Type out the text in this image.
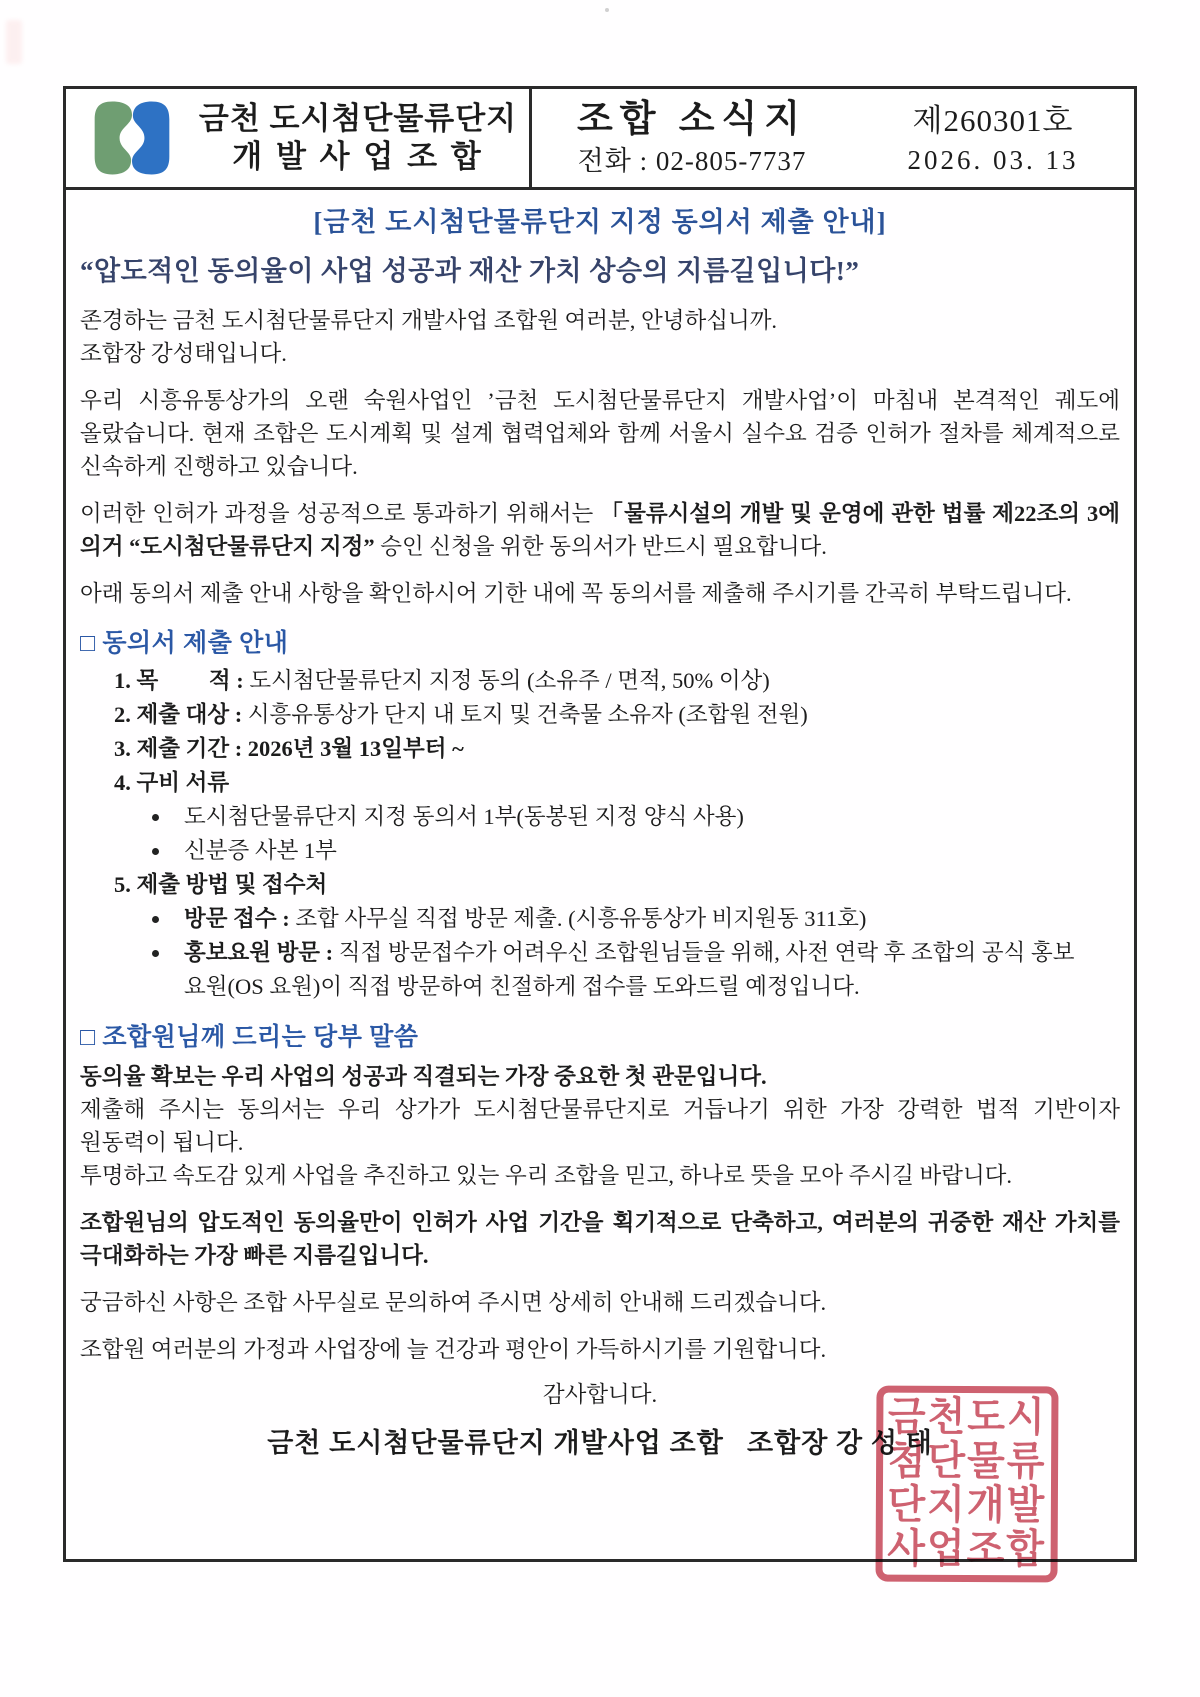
금천 도시첨단물류단지
개 발 사 업 조 합
조합 소식지
전화 : 02-805-7737
제260301호
2026. 03. 13
[금천 도시첨단물류단지 지정 동의서 제출 안내]
“압도적인 동의율이 사업 성공과 재산 가치 상승의 지름길입니다!”

존경하는 금천 도시첨단물류단지 개발사업 조합원 여러분, 안녕하십니까.
조합장 강성태입니다.

우리 시흥유통상가의 오랜 숙원사업인 ’금천 도시첨단물류단지 개발사업’이 마침내 본격적인 궤도에 올랐습니다. 현재 조합은 도시계획 및 설계 협력업체와 함께 서울시 실수요 검증 인허가 절차를 체계적으로 신속하게 진행하고 있습니다.

이러한 인허가 과정을 성공적으로 통과하기 위해서는 「물류시설의 개발 및 운영에 관한 법률 제22조의 3에 의거 “도시첨단물류단지 지정” 승인 신청을 위한 동의서가 반드시 필요합니다.

아래 동의서 제출 안내 사항을 확인하시어 기한 내에 꼭 동의서를 제출해 주시기를 간곡히 부탁드립니다.

□ 동의서 제출 안내
1. 목　　 적 : 도시첨단물류단지 지정 동의 (소유주 / 면적, 50% 이상)
2. 제출 대상 : 시흥유통상가 단지 내 토지 및 건축물 소유자 (조합원 전원)
3. 제출 기간 : 2026년 3월 13일부터 ~
4. 구비 서류
도시첨단물류단지 지정 동의서 1부(동봉된 지정 양식 사용)
신분증 사본 1부
5. 제출 방법 및 접수처
방문 접수 : 조합 사무실 직접 방문 제출. (시흥유통상가 비지원동 311호)
홍보요원 방문 : 직접 방문접수가 어려우신 조합원님들을 위해, 사전 연락 후 조합의 공식 홍보 요원(OS 요원)이 직접 방문하여 친절하게 접수를 도와드릴 예정입니다.
□ 조합원님께 드리는 당부 말씀
동의율 확보는 우리 사업의 성공과 직결되는 가장 중요한 첫 관문입니다.
제출해 주시는 동의서는 우리 상가가 도시첨단물류단지로 거듭나기 위한 가장 강력한 법적 기반이자 원동력이 됩니다.
투명하고 속도감 있게 사업을 추진하고 있는 우리 조합을 믿고, 하나로 뜻을 모아 주시길 바랍니다.

조합원님의 압도적인 동의율만이 인허가 사업 기간을 획기적으로 단축하고, 여러분의 귀중한 재산 가치를 극대화하는 가장 빠른 지름길입니다.

궁금하신 사항은 조합 사무실로 문의하여 주시면 상세히 안내해 드리겠습니다.

조합원 여러분의 가정과 사업장에 늘 건강과 평안이 가득하시기를 기원합니다.

감사합니다.
금천 도시첨단물류단지 개발사업 조합   조합장 강 성 태
금천도시
첨단물류
단지개발
사업조합
